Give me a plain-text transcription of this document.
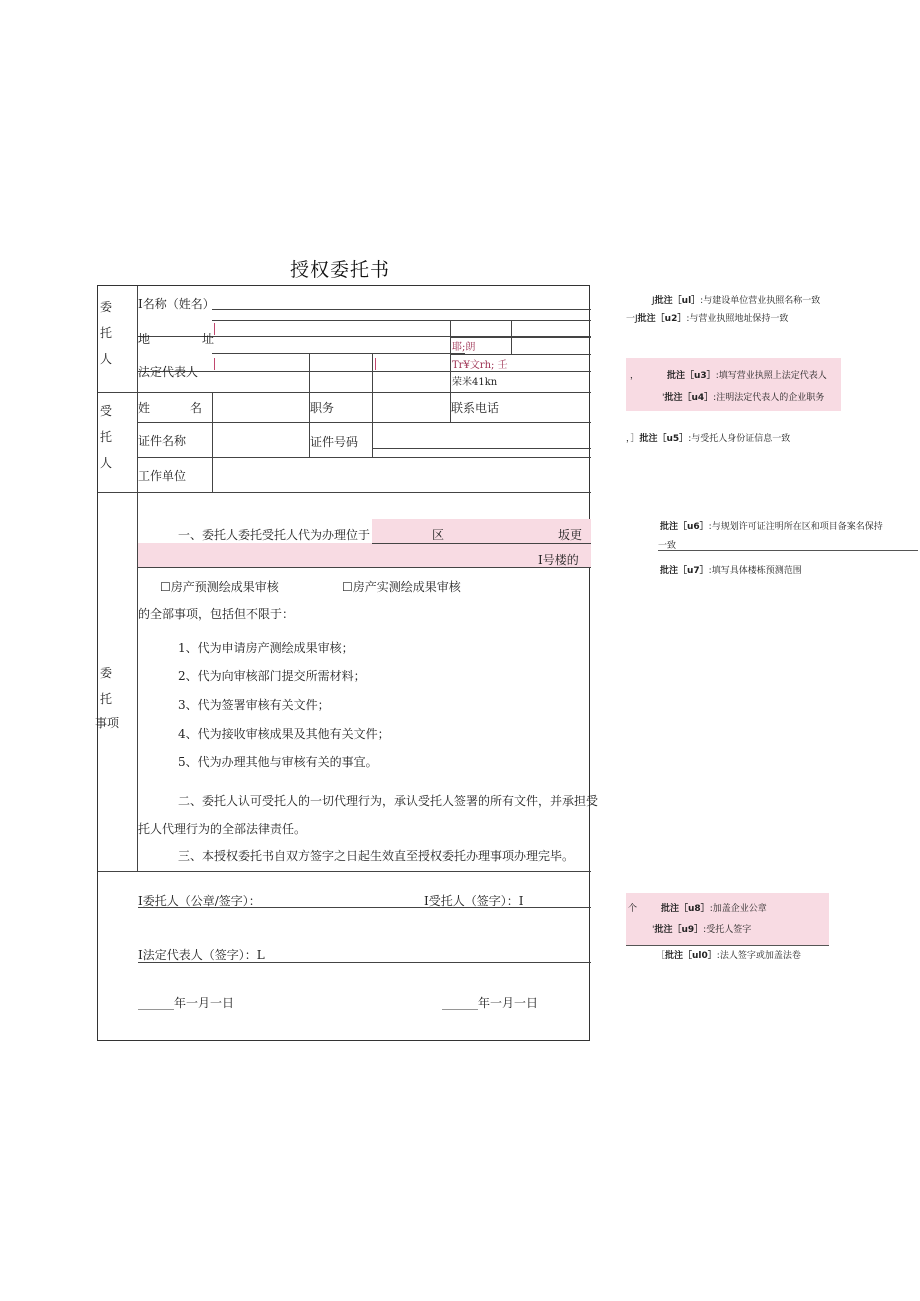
授权委托书
委
托
人
I名称（姓名）
地	址
法定代表人
耶;朗
Tr¥文rh; 壬
荣米41kn
受
托
人
姓	名	职务	联系电话
证件名称	证件号码
工作单位
委
托
事项
一、委托人委托受托人代为办理位于	区	坂更
I号楼的
☐房产预测绘成果审核	☐房产实测绘成果审核
的全部事项，包括但不限于：
1、代为申请房产测绘成果审核；
2、代为向审核部门提交所需材料；
3、代为签署审核有关文件；
4、代为接收审核成果及其他有关文件；
5、代为办理其他与审核有关的事宜。
二、委托人认可受托人的一切代理行为，承认受托人签署的所有文件，并承担受
托人代理行为的全部法律责任。
三、本授权委托书自双方签字之日起生效直至授权委托办理事项办理完毕。
I委托人（公章/签字）：	I受托人（签字）：I
I法定代表人（签字）：L
______年一月一日	______年一月一日
J批注［ul］:与建设单位营业执照名称一致
一J批注［u2］:与营业执照地址保持一致
，	批注［u3］:填写营业执照上法定代表人
'批注［u4］:注明法定代表人的企业职务
，］批注［u5］:与受托人身份证信息一致
批注［u6］:与规划许可证注明所在区和项目备案名保持
一致
批注［u7］:填写具体楼栋预测范围
个	批注［u8］:加盖企业公章
'批注［u9］:受托人签字
［批注［ul0］:法人签字或加盖法卷
